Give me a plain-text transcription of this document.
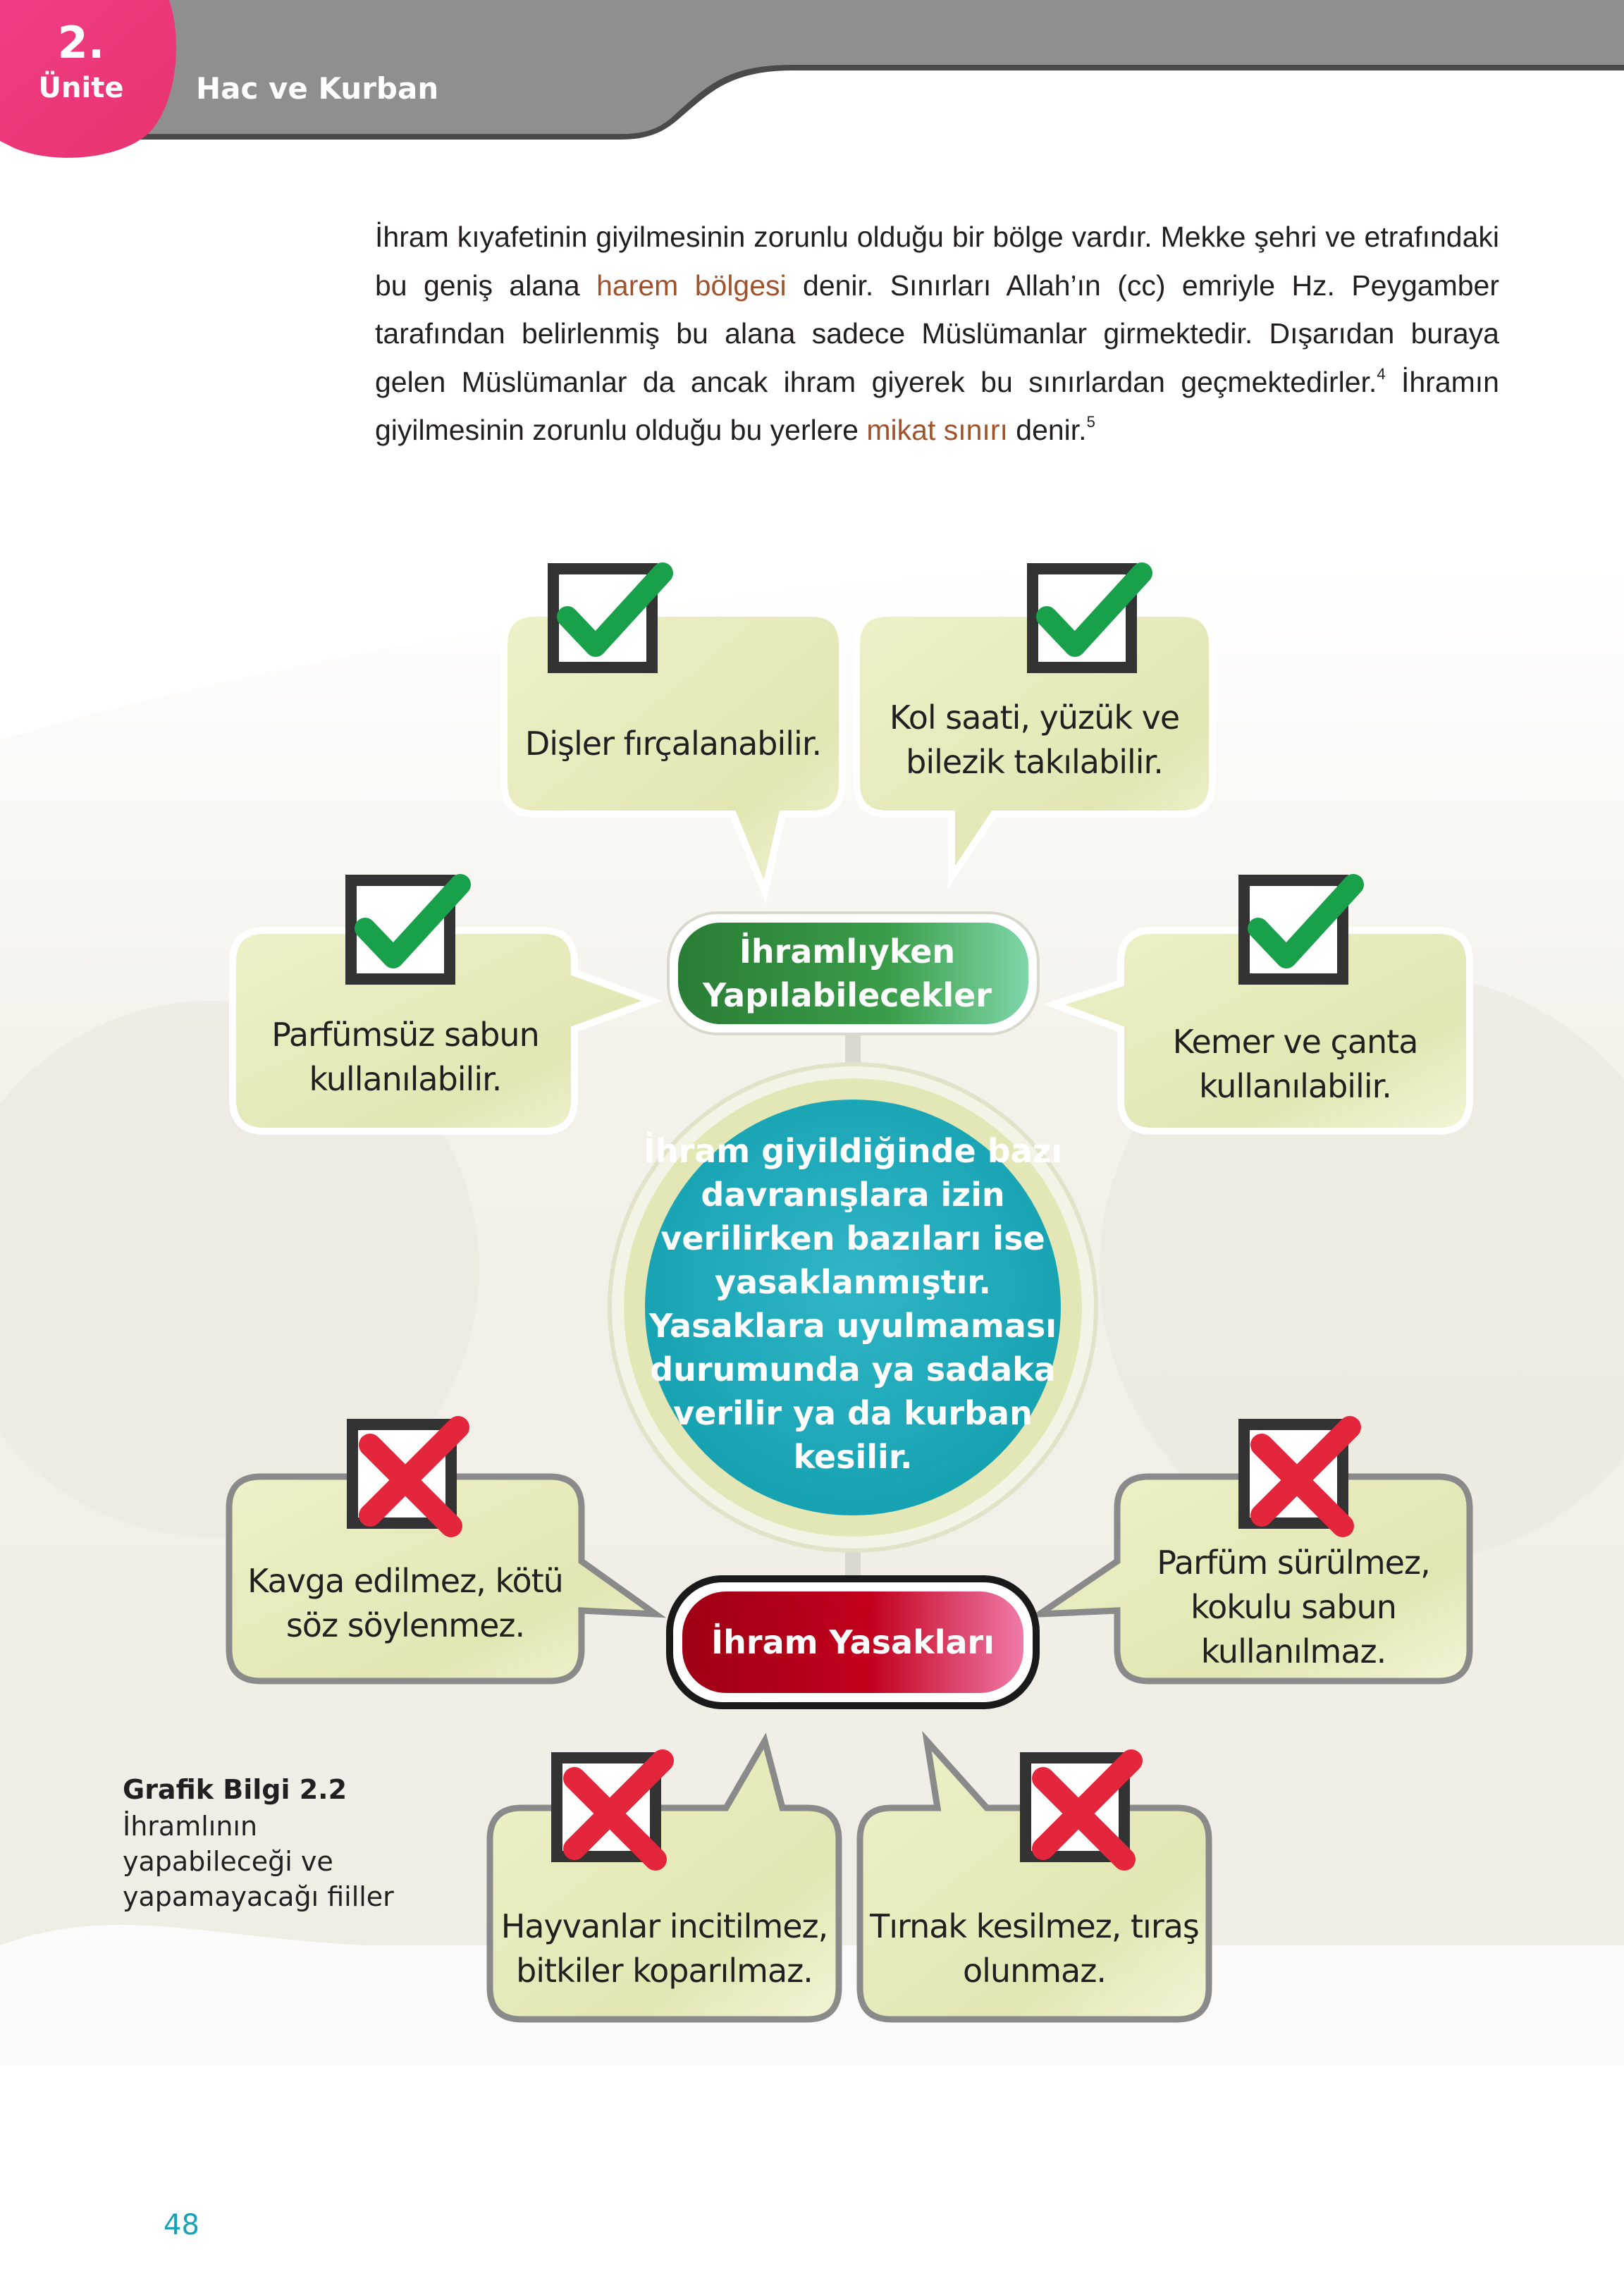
2.
Ünite	Hac ve Kurban
İhram kıyafetinin giyilmesinin zorunlu olduğu bir bölge vardır. Mekke şehri ve etrafındaki bu geniş alana harem bölgesi denir. Sınırları Allah’ın (cc) emriyle Hz. Peygamber tarafından belirlenmiş bu alana sadece Müslümanlar girmektedir. Dışarıdan buraya gelen Müslümanlar da ancak ihram giyerek bu sınırlardan geçmektedirler.$^4$ İhramın giyilmesinin zorunlu olduğu bu yerlere mikat sınırı denir.$^5$
Dişler fırçalanabilir.
Kol saati, yüzük ve bilezik takılabilir.
Parfümsüz sabun kullanılabilir.
Kemer ve çanta kullanılabilir.
Kavga edilmez, kötü söz söylenmez.
Parfüm sürülmez, kokulu sabun kullanılmaz.
Hayvanlar incitilmez, bitkiler koparılmaz.
Tırnak kesilmez, tıraş olunmaz.
İhramlıyken Yapılabilecekler
İhram giyildiğinde bazı davranışlara izin verilirken bazıları ise yasaklanmıştır. Yasaklara uyulmaması durumunda ya sadaka verilir ya da kurban kesilir.
İhram Yasakları
Grafik Bilgi 2.2
İhramlının yapabileceği ve yapamayacağı fiiller
48
